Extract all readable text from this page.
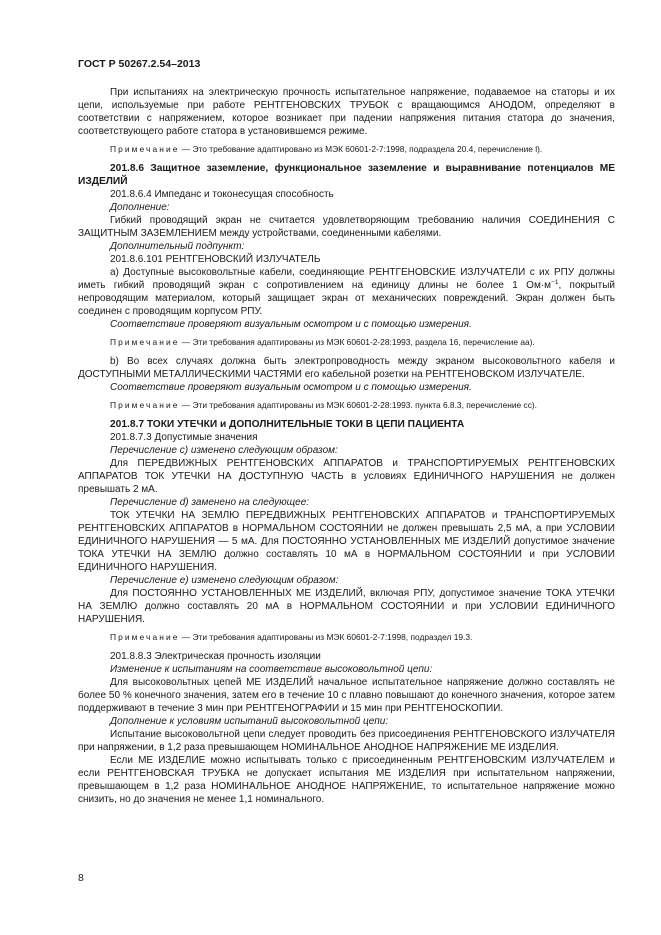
ГОСТ Р 50267.2.54–2013

При испытаниях на электрическую прочность испытательное напряжение, подаваемое на статоры и их цепи, используемые при работе РЕНТГЕНОВСКИХ ТРУБОК с вращающимся АНОДОМ, определяют в соответствии с напряжением, которое возникает при падении напряжения питания статора до значения, соответствующего работе статора в установившемся режиме.

Примечание — Это требование адаптировано из МЭК 60601-2-7:1998, подраздела 20.4, перечисление l).

201.8.6 Защитное заземление, функциональное заземление и выравнивание потенциалов МЕ ИЗДЕЛИЙ

201.8.6.4 Импеданс и токонесущая способность

Дополнение:

Гибкий проводящий экран не считается удовлетворяющим требованию наличия СОЕДИНЕНИЯ С ЗАЩИТНЫМ ЗАЗЕМЛЕНИЕМ между устройствами, соединенными кабелями.

Дополнительный подпункт:

201.8.6.101 РЕНТГЕНОВСКИЙ ИЗЛУЧАТЕЛЬ

а) Доступные высоковольтные кабели, соединяющие РЕНТГЕНОВСКИЕ ИЗЛУЧАТЕЛИ с их РПУ должны иметь гибкий проводящий экран с сопротивлением на единицу длины не более 1 $Ом\cdot м^{-1}$, покрытый непроводящим материалом, который защищает экран от механических повреждений. Экран должен быть соединен с проводящим корпусом РПУ.

Соответствие проверяют визуальным осмотром и с помощью измерения.

Примечание — Эти требования адаптированы из МЭК 60601-2-28:1993, раздела 16, перечисление аа).

b) Во всех случаях должна быть электропроводность между экраном высоковольтного кабеля и ДОСТУПНЫМИ МЕТАЛЛИЧЕСКИМИ ЧАСТЯМИ его кабельной розетки на РЕНТГЕНОВСКОМ ИЗЛУЧАТЕЛЕ.

Соответствие проверяют визуальным осмотром и с помощью измерения.

Примечание — Эти требования адаптированы из МЭК 60601-2-28:1993. пункта 6.8.3, перечисление cc).

201.8.7 ТОКИ УТЕЧКИ и ДОПОЛНИТЕЛЬНЫЕ ТОКИ В ЦЕПИ ПАЦИЕНТА

201.8.7.3 Допустимые значения

Перечисление c) изменено следующим образом:

Для ПЕРЕДВИЖНЫХ РЕНТГЕНОВСКИХ АППАРАТОВ и ТРАНСПОРТИРУЕМЫХ РЕНТГЕНОВСКИХ АППАРАТОВ ТОК УТЕЧКИ НА ДОСТУПНУЮ ЧАСТЬ в условиях ЕДИНИЧНОГО НАРУШЕНИЯ не должен превышать 2 мА.

Перечисление d) заменено на следующее:

ТОК УТЕЧКИ НА ЗЕМЛЮ ПЕРЕДВИЖНЫХ РЕНТГЕНОВСКИХ АППАРАТОВ и ТРАНСПОРТИРУЕМЫХ РЕНТГЕНОВСКИХ АППАРАТОВ в НОРМАЛЬНОМ СОСТОЯНИИ не должен превышать 2,5 мА, а при УСЛОВИИ ЕДИНИЧНОГО НАРУШЕНИЯ — 5 мА. Для ПОСТОЯННО УСТАНОВЛЕННЫХ МЕ ИЗДЕЛИЙ допустимое значение ТОКА УТЕЧКИ НА ЗЕМЛЮ должно составлять 10 мА в НОРМАЛЬНОМ СОСТОЯНИИ и при УСЛОВИИ ЕДИНИЧНОГО НАРУШЕНИЯ.

Перечисление e) изменено следующим образом:

Для ПОСТОЯННО УСТАНОВЛЕННЫХ МЕ ИЗДЕЛИЙ, включая РПУ, допустимое значение ТОКА УТЕЧКИ НА ЗЕМЛЮ должно составлять 20 мА в НОРМАЛЬНОМ СОСТОЯНИИ и при УСЛОВИИ ЕДИНИЧНОГО НАРУШЕНИЯ.

Примечание — Эти требования адаптированы из МЭК 60601-2-7:1998, подраздел 19.3.

201.8.8.3 Электрическая прочность изоляции

Изменение к испытаниям на соответствие высоковольтной цепи:

Для высоковольтных цепей МЕ ИЗДЕЛИЙ начальное испытательное напряжение должно составлять не более 50 % конечного значения, затем его в течение 10 с плавно повышают до конечного значения, которое затем поддерживают в течение 3 мин при РЕНТГЕНОГРАФИИ и 15 мин при РЕНТГЕНОСКОПИИ.

Дополнение к условиям испытаний высоковольтной цепи:

Испытание высоковольтной цепи следует проводить без присоединения РЕНТГЕНОВСКОГО ИЗЛУЧАТЕЛЯ при напряжении, в 1,2 раза превышающем НОМИНАЛЬНОЕ АНОДНОЕ НАПРЯЖЕНИЕ МЕ ИЗДЕЛИЯ.

Если МЕ ИЗДЕЛИЕ можно испытывать только с присоединенным РЕНТГЕНОВСКИМ ИЗЛУЧАТЕЛЕМ и если РЕНТГЕНОВСКАЯ ТРУБКА не допускает испытания МЕ ИЗДЕЛИЯ при испытательном напряжении, превышающем в 1,2 раза НОМИНАЛЬНОЕ АНОДНОЕ НАПРЯЖЕНИЕ, то испытательное напряжение можно снизить, но до значения не менее 1,1 номинального.

8
